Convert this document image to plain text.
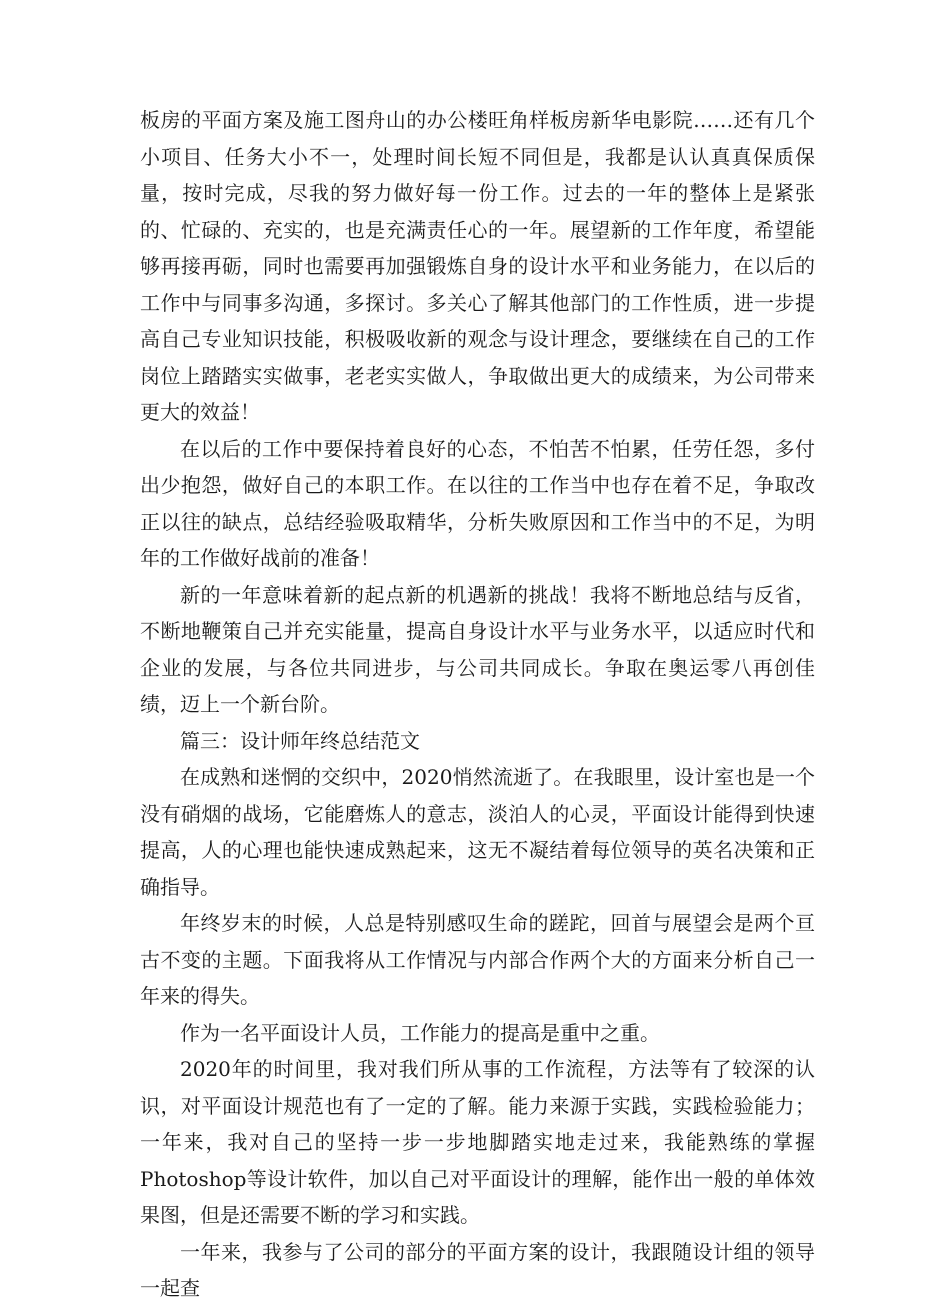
板房的平面方案及施工图舟山的办公楼旺角样板房新华电影院……还有几个小项目、任务大小不一，处理时间长短不同但是，我都是认认真真保质保量，按时完成，尽我的努力做好每一份工作。过去的一年的整体上是紧张的、忙碌的、充实的，也是充满责任心的一年。展望新的工作年度，希望能够再接再砺，同时也需要再加强锻炼自身的设计水平和业务能力，在以后的工作中与同事多沟通，多探讨。多关心了解其他部门的工作性质，进一步提高自己专业知识技能，积极吸收新的观念与设计理念，要继续在自己的工作岗位上踏踏实实做事，老老实实做人，争取做出更大的成绩来，为公司带来更大的效益！

在以后的工作中要保持着良好的心态，不怕苦不怕累，任劳任怨，多付出少抱怨，做好自己的本职工作。在以往的工作当中也存在着不足，争取改正以往的缺点，总结经验吸取精华，分析失败原因和工作当中的不足，为明年的工作做好战前的准备！

新的一年意味着新的起点新的机遇新的挑战！我将不断地总结与反省，不断地鞭策自己并充实能量，提高自身设计水平与业务水平，以适应时代和企业的发展，与各位共同进步，与公司共同成长。争取在奥运零八再创佳绩，迈上一个新台阶。

篇三：设计师年终总结范文

在成熟和迷惘的交织中，2020悄然流逝了。在我眼里，设计室也是一个没有硝烟的战场，它能磨炼人的意志，淡泊人的心灵，平面设计能得到快速提高，人的心理也能快速成熟起来，这无不凝结着每位领导的英名决策和正确指导。

年终岁末的时候，人总是特别感叹生命的蹉跎，回首与展望会是两个亘古不变的主题。下面我将从工作情况与内部合作两个大的方面来分析自己一年来的得失。

作为一名平面设计人员，工作能力的提高是重中之重。

2020年的时间里，我对我们所从事的工作流程，方法等有了较深的认识，对平面设计规范也有了一定的了解。能力来源于实践，实践检验能力；一年来，我对自己的坚持一步一步地脚踏实地走过来，我能熟练的掌握Photoshop等设计软件，加以自己对平面设计的理解，能作出一般的单体效果图，但是还需要不断的学习和实践。

一年来，我参与了公司的部分的平面方案的设计，我跟随设计组的领导一起查
